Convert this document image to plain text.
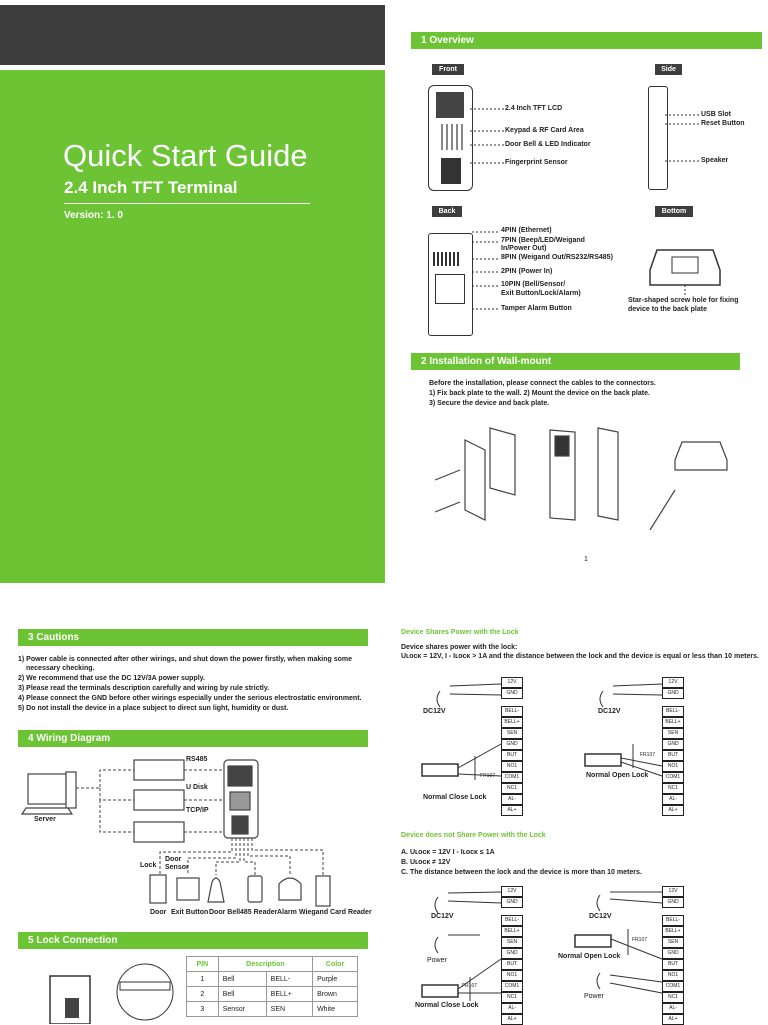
Quick Start Guide
2.4 Inch TFT Terminal
Version: 1. 0
1 Overview
Front	Side
2.4 Inch TFT LCD
Keypad & RF Card Area
Door Bell & LED Indicator
Fingerprint Sensor
USB Slot
Reset Button
Speaker
Back	Bottom
4PIN (Ethernet)
7PIN (Beep/LED/Weigand
In/Power Out)
8PIN (Weigand Out/RS232/RS485)
2PIN (Power In)
10PIN (Bell/Sensor/
Exit Button/Lock/Alarm)
Tamper Alarm Button
Star-shaped screw hole for fixing
device to the back plate
2 Installation of Wall-mount
Before the installation, please connect the cables to the connectors.
1) Fix back plate to the wall. 2) Mount the device on the back plate.
3) Secure the device and back plate.
1
3 Cautions
1) Power cable is connected after other wirings, and shut down the power firstly, when making some
necessary checking.
2) We recommend that use the DC 12V/3A power supply.
3) Please read the terminals description carefully and wiring by rule strictly.
4) Please connect the GND before other wirings especially under the serious electrostatic environment.
5) Do not install the device in a place subject to direct sun light, humidity or dust.
4 Wiring Diagram
Server
RS485
U Disk
TCP/IP
Lock
Door
Sensor
Door Exit Button Door Bell 485 Reader Alarm Wiegand Card Reader
5 Lock Connection
PIN	Description		Color
1	Bell	BELL-	Purple
2	Bell	BELL+	Brown
3	Sensor	SEN	White
Device Shares Power with the Lock
Device shares power with the lock:
Uʟᴏᴄᴋ = 12V, I - Iʟᴏᴄᴋ > 1A and the distance between the lock and the device is equal or less than 10 meters.
12V
GND
BELL-
BELL+
SEN
GND
BUT
NO1
COM1
NC1
AL-
AL+
12V
GND
BELL-
BELL+
SEN
GND
BUT
NO1
COM1
NC1
AL-
AL+
DC12V	DC12V
FR107
FR107
Normal Close Lock
Normal Open Lock
Device does not Share Power with the Lock
A. Uʟᴏᴄᴋ = 12V I - Iʟᴏᴄᴋ ≤ 1A
B. Uʟᴏᴄᴋ ≠ 12V
C. The distance between the lock and the device is more than 10 meters.
12V
GND
BELL-
BELL+
SEN
GND
BUT
NO1
COM1
NC1
AL-
AL+
12V
GND
BELL-
BELL+
SEN
GND
BUT
NO1
COM1
NC1
AL-
AL+
DC12V	DC12V
Power
Power
FR107
FR107
Normal Close Lock
Normal Open Lock
